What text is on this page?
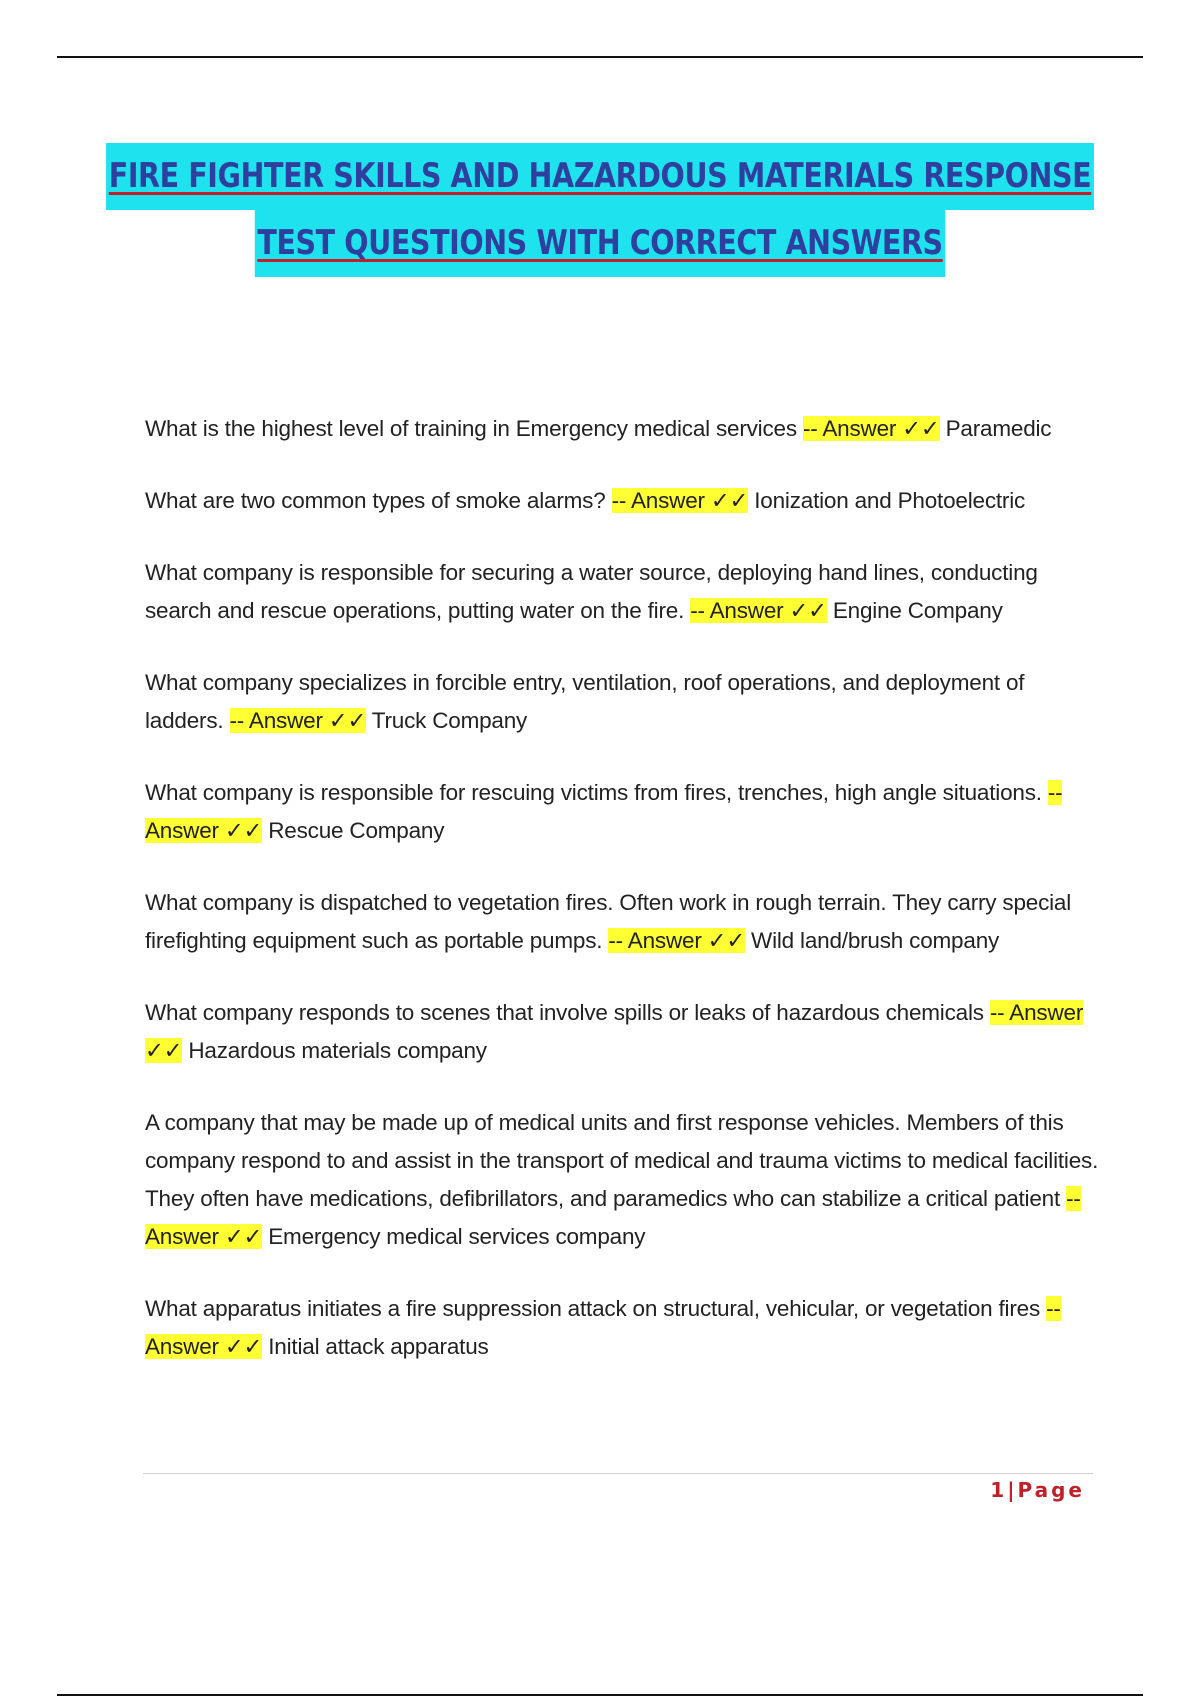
FIRE FIGHTER SKILLS AND HAZARDOUS MATERIALS RESPONSE
TEST QUESTIONS WITH CORRECT ANSWERS

What is the highest level of training in Emergency medical services -- Answer ✓✓ Paramedic

What are two common types of smoke alarms? -- Answer ✓✓ Ionization and Photoelectric

What company is responsible for securing a water source, deploying hand lines, conducting search and rescue operations, putting water on the fire. -- Answer ✓✓ Engine Company

What company specializes in forcible entry, ventilation, roof operations, and deployment of ladders. -- Answer ✓✓ Truck Company

What company is responsible for rescuing victims from fires, trenches, high angle situations. -- Answer ✓✓ Rescue Company

What company is dispatched to vegetation fires. Often work in rough terrain. They carry special firefighting equipment such as portable pumps. -- Answer ✓✓ Wild land/brush company

What company responds to scenes that involve spills or leaks of hazardous chemicals -- Answer ✓✓ Hazardous materials company

A company that may be made up of medical units and first response vehicles. Members of this company respond to and assist in the transport of medical and trauma victims to medical facilities. They often have medications, defibrillators, and paramedics who can stabilize a critical patient -- Answer ✓✓ Emergency medical services company

What apparatus initiates a fire suppression attack on structural, vehicular, or vegetation fires -- Answer ✓✓ Initial attack apparatus

1|Page
